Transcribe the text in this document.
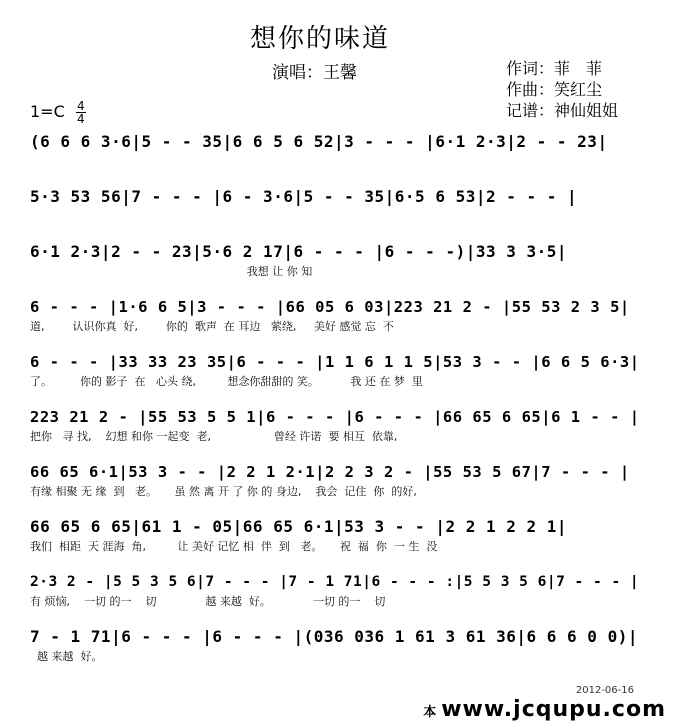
想你的味道
演唱：王馨	作词：菲　菲
作曲：笑红尘
记谱：神仙姐姐
$1=C \frac{4}{4}$
(6 6 6 3·6|5 - - 35|6 6 5 6 52|3 - - - |6·1 2·3|2 - - 23|
5·3 53 56|7 - - - |6 - 3·6|5 - - 35|6·5 6 53|2 - - - |
6·1 2·3|2 - - 23|5·6 2 17|6 - - - |6 - - -)|33 3 3·5|
我想 让 你 知
6 - - - |1·6 6 5|3 - - - |66 05 6 03|223 21 2 - |55 53 2 3 5|
道,        认识你真  好,        你的  歌声  在 耳边   萦绕,     美好 感觉 忘  不
6 - - - |33 33 23 35|6 - - - |1 1 6 1 1 5|53 3 - - |6 6 5 6·3|
了。        你的 影子  在   心头 绕,         想念你甜甜的 笑。         我 还 在 梦  里
223 21 2 - |55 53 5 5 1|6 - - - |6 - - - |66 65 6 65|6 1 - - |
把你   寻 找,    幻想 和你 一起变  老,                  曾经 许诺  要 相互  依靠,
66 65 6·1|53 3 - - |2 2 1 2·1|2 2 3 2 - |55 53 5 67|7 - - - |
有缘 相聚 无 缘  到   老。     虽 然 离 开 了 你 的 身边,    我会  记住  你  的好,
66 65 6 65|61 1 - 05|66 65 6·1|53 3 - - |2 2 1 2 2 1|
我们  相距  天 涯海  角,         让 美好 记忆 相  伴  到   老。     祝  福  你  一 生  没
2·3 2 - |5 5 3 5 6|7 - - - |7 - 1 71|6 - - - :|5 5 3 5 6|7 - - - |
有 烦恼,    一切 的一    切              越 来越  好。            一切 的一    切
7 - 1 71|6 - - - |6 - - - |(036 036 1 61 3 61 36|6 6 6 0 0)|
越 来越  好。
2012-06-16
本 www.jcqupu.com
